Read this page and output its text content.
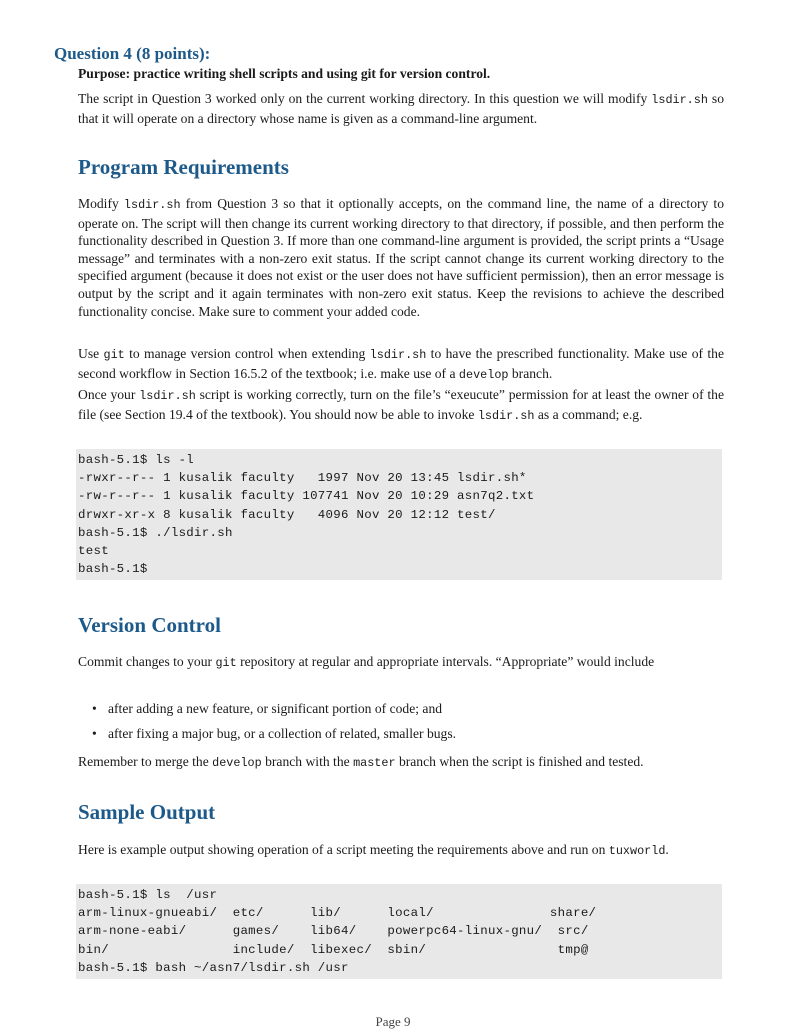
Question 4 (8 points):

Purpose: practice writing shell scripts and using git for version control.

The script in Question 3 worked only on the current working directory. In this question we will modify lsdir.sh so that it will operate on a directory whose name is given as a command-line argument.

Program Requirements

Modify lsdir.sh from Question 3 so that it optionally accepts, on the command line, the name of a directory to operate on. The script will then change its current working directory to that directory, if possible, and then perform the functionality described in Question 3. If more than one command-line argument is provided, the script prints a “Usage message” and terminates with a non-zero exit status. If the script cannot change its current working directory to the specified argument (because it does not exist or the user does not have sufficient permission), then an error message is output by the script and it again terminates with non-zero exit status. Keep the revisions to achieve the described functionality concise. Make sure to comment your added code.

Use git to manage version control when extending lsdir.sh to have the prescribed functionality. Make use of the second workflow in Section 16.5.2 of the textbook; i.e. make use of a develop branch.

Once your lsdir.sh script is working correctly, turn on the file’s “exeucute” permission for at least the owner of the file (see Section 19.4 of the textbook). You should now be able to invoke lsdir.sh as a command; e.g.

bash-5.1$ ls -l
-rwxr--r-- 1 kusalik faculty   1997 Nov 20 13:45 lsdir.sh*
-rw-r--r-- 1 kusalik faculty 107741 Nov 20 10:29 asn7q2.txt
drwxr-xr-x 8 kusalik faculty   4096 Nov 20 12:12 test/
bash-5.1$ ./lsdir.sh
test
bash-5.1$
Version Control

Commit changes to your git repository at regular and appropriate intervals. “Appropriate” would include

• after adding a new feature, or significant portion of code; and
• after fixing a major bug, or a collection of related, smaller bugs.

Remember to merge the develop branch with the master branch when the script is finished and tested.

Sample Output

Here is example output showing operation of a script meeting the requirements above and run on tuxworld.

bash-5.1$ ls  /usr
arm-linux-gnueabi/  etc/      lib/      local/               share/
arm-none-eabi/      games/    lib64/    powerpc64-linux-gnu/  src/
bin/                include/  libexec/  sbin/                 tmp@
bash-5.1$ bash ~/asn7/lsdir.sh /usr
Page 9
